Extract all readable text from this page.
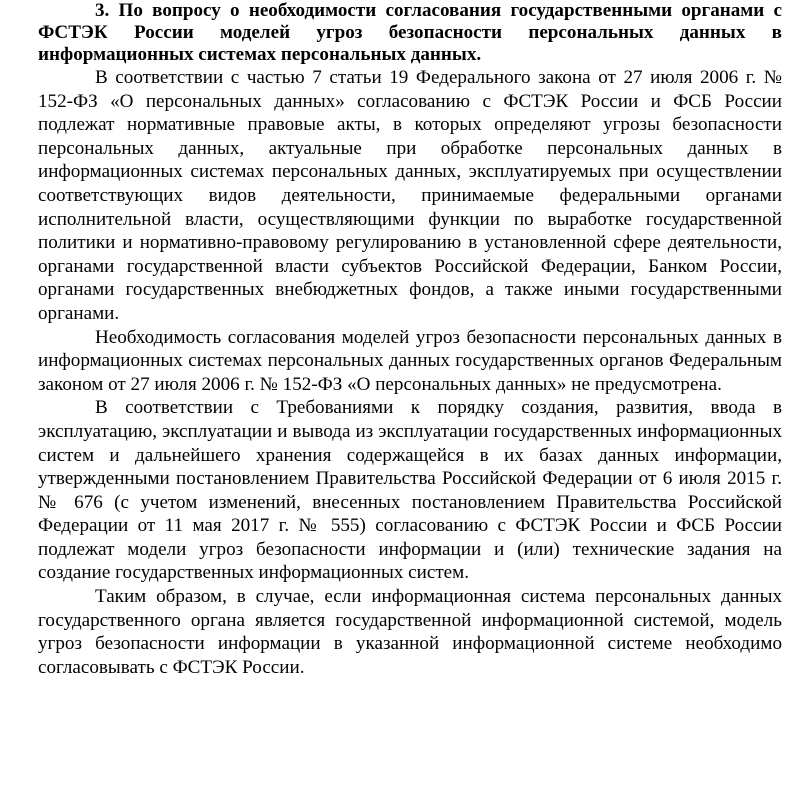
3. По вопросу о необходимости согласования государственными органами с ФСТЭК России моделей угроз безопасности персональных данных в информационных системах персональных данных.

В соответствии с частью 7 статьи 19 Федерального закона от 27 июля 2006 г. № 152-ФЗ «О персональных данных» согласованию с ФСТЭК России и ФСБ России подлежат нормативные правовые акты, в которых определяют угрозы безопасности персональных данных, актуальные при обработке персональных данных в информационных системах персональных данных, эксплуатируемых при осуществлении соответствующих видов деятельности, принимаемые федеральными органами исполнительной власти, осуществляющими функции по выработке государственной политики и нормативно-правовому регулированию в установленной сфере деятельности, органами государственной власти субъектов Российской Федерации, Банком России, органами государственных внебюджетных фондов, а также иными государственными органами.

Необходимость согласования моделей угроз безопасности персональных данных в информационных системах персональных данных государственных органов Федеральным законом от 27 июля 2006 г. № 152-ФЗ «О персональных данных» не предусмотрена.

В соответствии с Требованиями к порядку создания, развития, ввода в эксплуатацию, эксплуатации и вывода из эксплуатации государственных информационных систем и дальнейшего хранения содержащейся в их базах данных информации, утвержденными постановлением Правительства Российской Федерации от 6 июля 2015 г. № 676 (с учетом изменений, внесенных постановлением Правительства Российской Федерации от 11 мая 2017 г. № 555) согласованию с ФСТЭК России и ФСБ России подлежат модели угроз безопасности информации и (или) технические задания на создание государственных информационных систем.

Таким образом, в случае, если информационная система персональных данных государственного органа является государственной информационной системой, модель угроз безопасности информации в указанной информационной системе необходимо согласовывать с ФСТЭК России.
